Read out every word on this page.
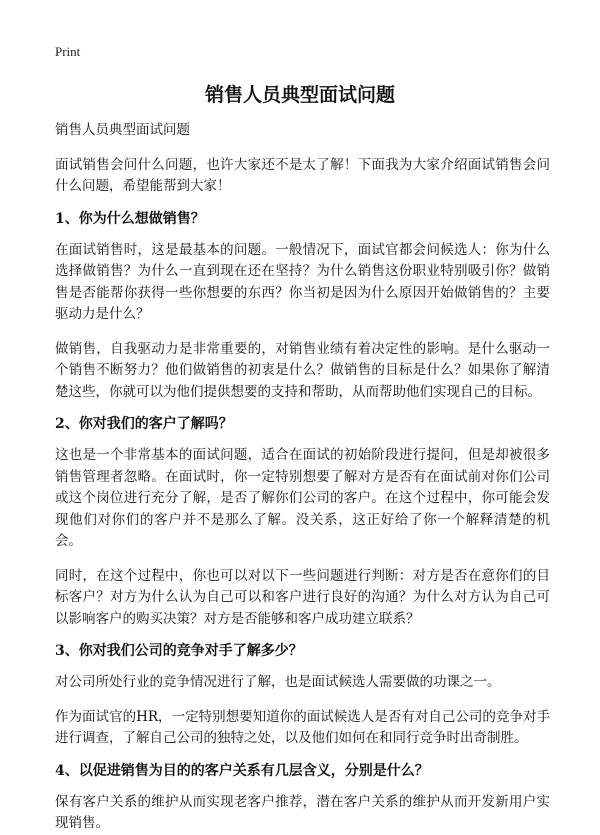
Print
销售人员典型面试问题

销售人员典型面试问题

面试销售会问什么问题，也许大家还不是太了解！下面我为大家介绍面试销售会问什么问题，希望能帮到大家！

1、你为什么想做销售？

在面试销售时，这是最基本的问题。一般情况下，面试官都会问候选人：你为什么选择做销售？为什么一直到现在还在坚持？为什么销售这份职业特别吸引你？做销售是否能帮你获得一些你想要的东西？你当初是因为什么原因开始做销售的？主要驱动力是什么？

做销售，自我驱动力是非常重要的，对销售业绩有着决定性的影响。是什么驱动一个销售不断努力？他们做销售的初衷是什么？做销售的目标是什么？如果你了解清楚这些，你就可以为他们提供想要的支持和帮助，从而帮助他们实现自己的目标。

2、你对我们的客户了解吗？

这也是一个非常基本的面试问题，适合在面试的初始阶段进行提问，但是却被很多销售管理者忽略。在面试时，你一定特别想要了解对方是否有在面试前对你们公司或这个岗位进行充分了解，是否了解你们公司的客户。在这个过程中，你可能会发现他们对你们的客户并不是那么了解。没关系，这正好给了你一个解释清楚的机会。

同时，在这个过程中，你也可以对以下一些问题进行判断：对方是否在意你们的目标客户？对方为什么认为自己可以和客户进行良好的沟通？为什么对方认为自己可以影响客户的购买决策？对方是否能够和客户成功建立联系？

3、你对我们公司的竞争对手了解多少？

对公司所处行业的竞争情况进行了解，也是面试候选人需要做的功课之一。

作为面试官的HR，一定特别想要知道你的面试候选人是否有对自己公司的竞争对手进行调查，了解自己公司的独特之处，以及他们如何在和同行竞争时出奇制胜。

4、以促进销售为目的的客户关系有几层含义，分别是什么？

保有客户关系的维护从而实现老客户推荐，潜在客户关系的维护从而开发新用户实现销售。
